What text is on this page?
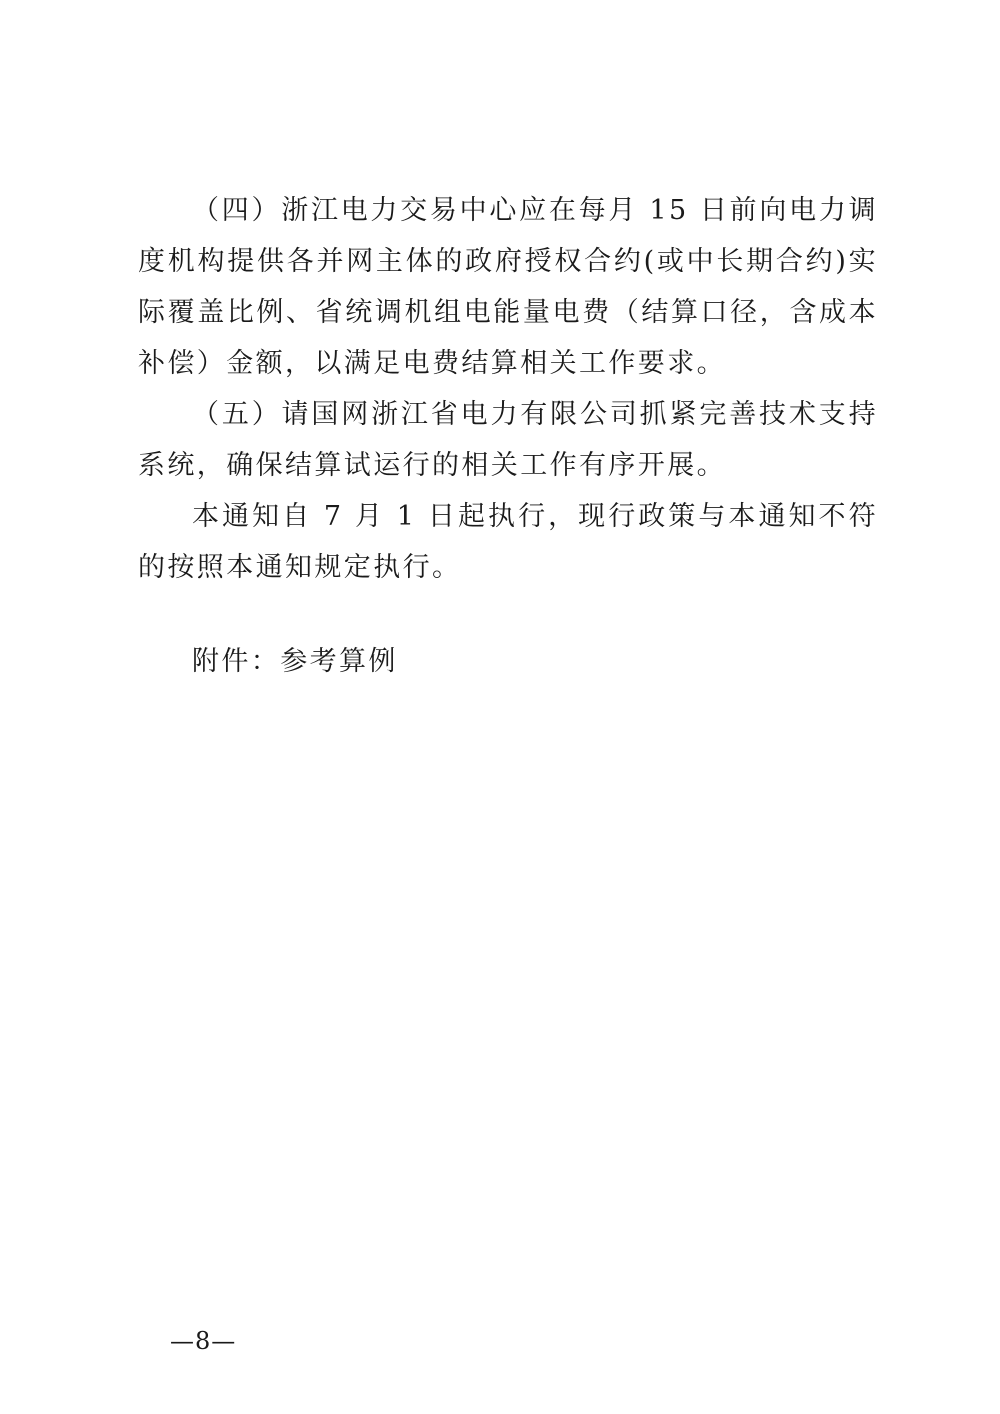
（四）浙江电力交易中心应在每月 15 日前向电力调度机构提供各并网主体的政府授权合约(或中长期合约)实际覆盖比例、省统调机组电能量电费（结算口径，含成本补偿）金额，以满足电费结算相关工作要求。

（五）请国网浙江省电力有限公司抓紧完善技术支持系统，确保结算试运行的相关工作有序开展。

本通知自 7 月 1 日起执行，现行政策与本通知不符的按照本通知规定执行。

附件：参考算例
—8—
